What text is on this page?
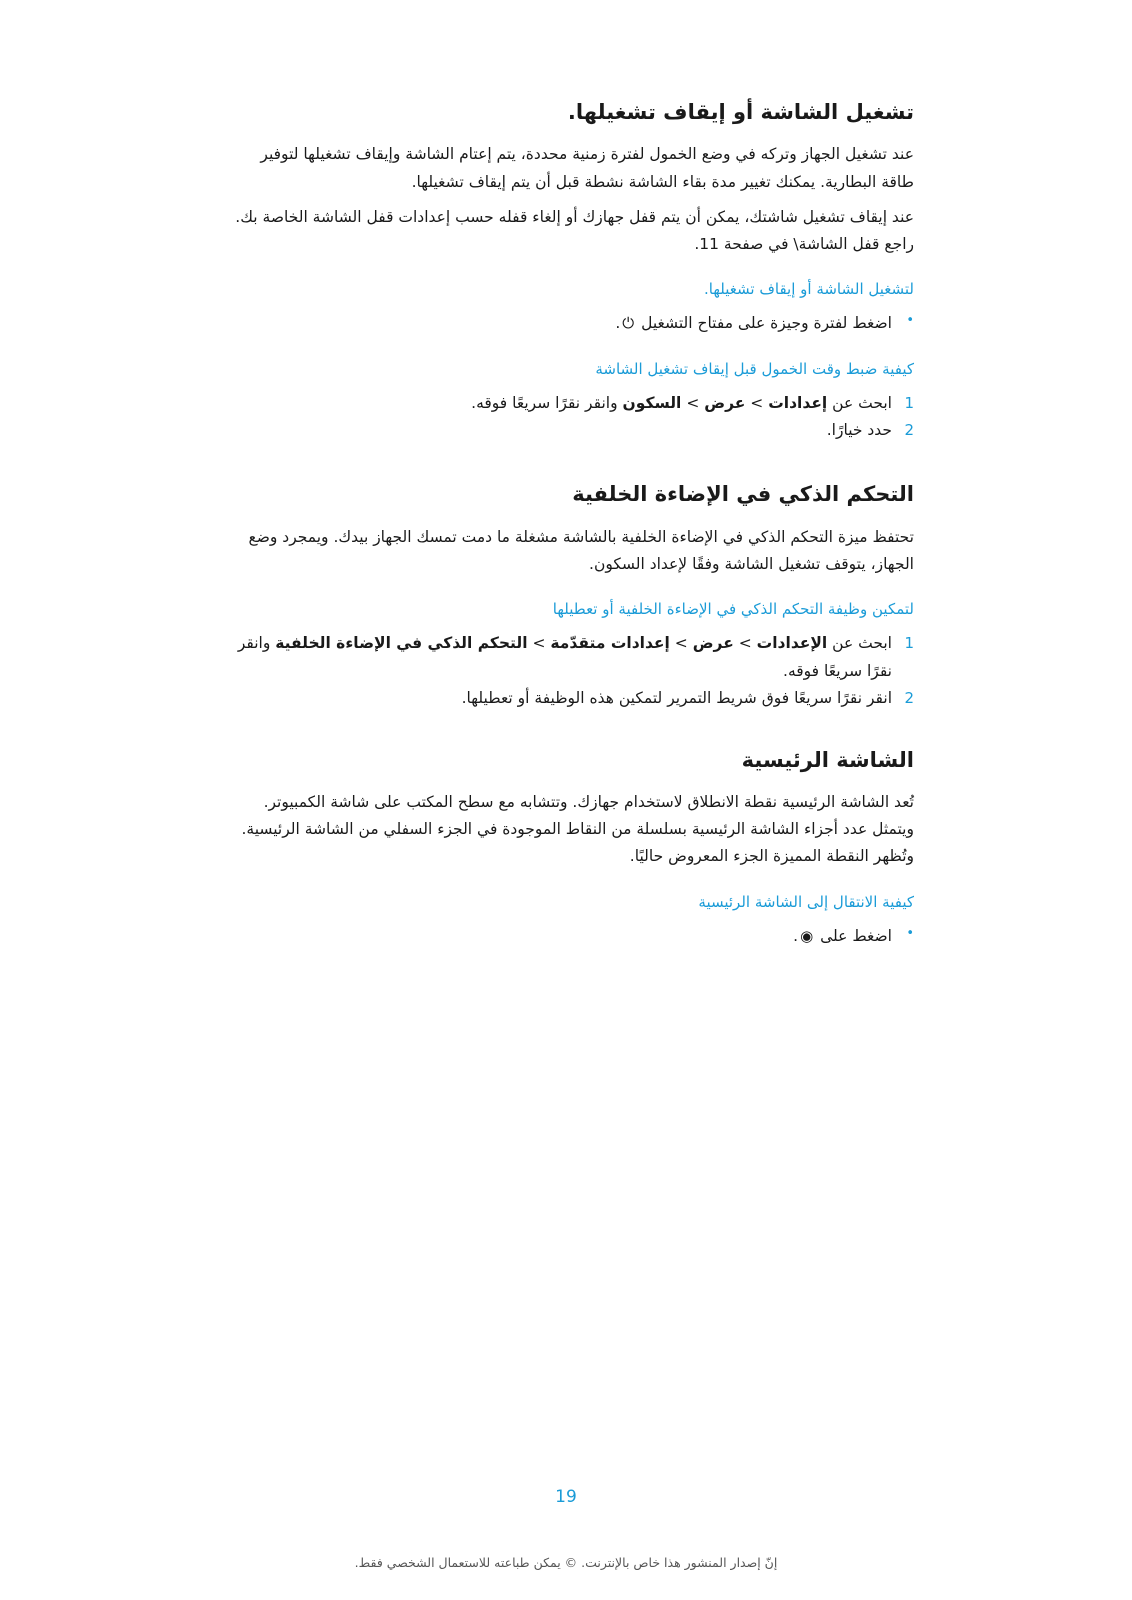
تشغيل الشاشة أو إيقاف تشغيلها.

عند تشغيل الجهاز وتركه في وضع الخمول لفترة زمنية محددة، يتم إعتام الشاشة وإيقاف تشغيلها لتوفير طاقة البطارية. يمكنك تغيير مدة بقاء الشاشة نشطة قبل أن يتم إيقاف تشغيلها.

عند إيقاف تشغيل شاشتك، يمكن أن يتم قفل جهازك أو إلغاء قفله حسب إعدادات قفل الشاشة الخاصة بك. راجع قفل الشاشة\ في صفحة 11.

لتشغيل الشاشة أو إيقاف تشغيلها.
•
اضغط لفترة وجيزة على مفتاح التشغيل ⏻.
كيفية ضبط وقت الخمول قبل إيقاف تشغيل الشاشة
1
ابحث عن إعدادات > عرض > السكون وانقر نقرًا سريعًا فوقه.
2
حدد خيارًا.
التحكم الذكي في الإضاءة الخلفية

تحتفظ ميزة التحكم الذكي في الإضاءة الخلفية بالشاشة مشغلة ما دمت تمسك الجهاز بيدك. ويمجرد وضع الجهاز، يتوقف تشغيل الشاشة وفقًا لإعداد السكون.

لتمكين وظيفة التحكم الذكي في الإضاءة الخلفية أو تعطيلها
1
ابحث عن الإعدادات > عرض > إعدادات متقدّمة > التحكم الذكي في الإضاءة الخلفية وانقر نقرًا سريعًا فوقه.
2
انقر نقرًا سريعًا فوق شريط التمرير لتمكين هذه الوظيفة أو تعطيلها.
الشاشة الرئيسية

تُعد الشاشة الرئيسية نقطة الانطلاق لاستخدام جهازك. وتتشابه مع سطح المكتب على شاشة الكمبيوتر. ويتمثل عدد أجزاء الشاشة الرئيسية بسلسلة من النقاط الموجودة في الجزء السفلي من الشاشة الرئيسية. وتُظهر النقطة المميزة الجزء المعروض حاليًا.

كيفية الانتقال إلى الشاشة الرئيسية
•
اضغط على ◉.
19
إنّ إصدار المنشور هذا خاص بالإنترنت. © يمكن طباعته للاستعمال الشخصي فقط.
